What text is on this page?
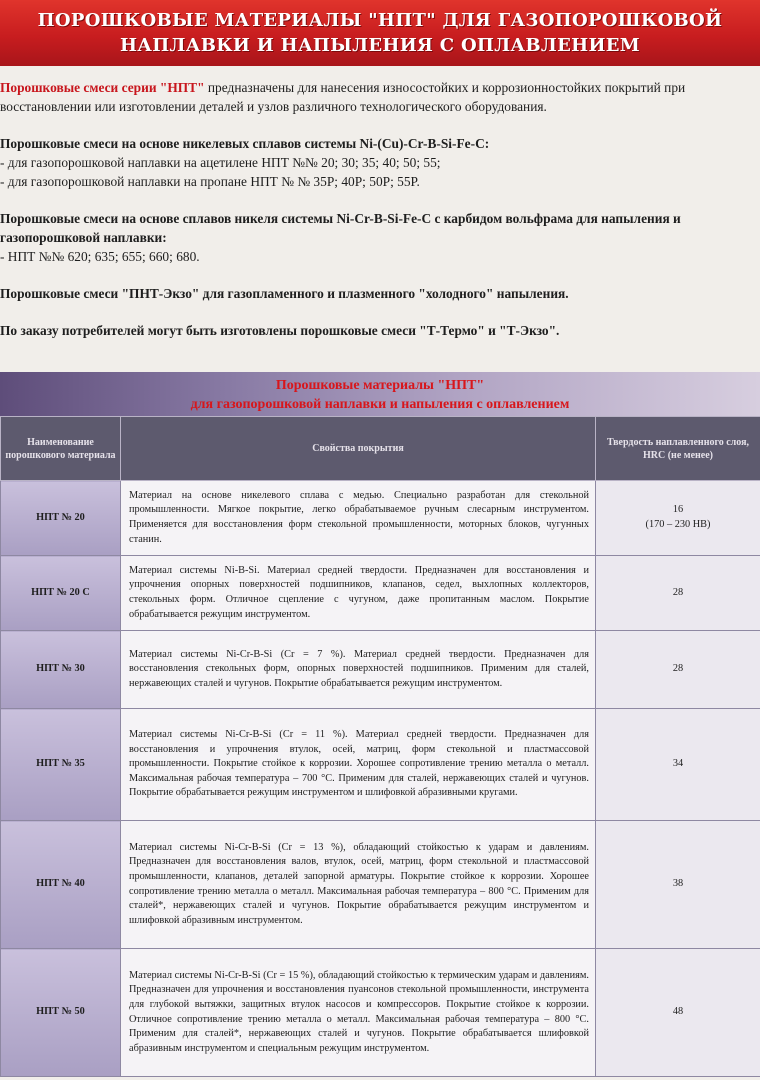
ПОРОШКОВЫЕ МАТЕРИАЛЫ "НПТ" ДЛЯ ГАЗОПОРОШКОВОЙ
НАПЛАВКИ И НАПЫЛЕНИЯ С ОПЛАВЛЕНИЕМ

Порошковые смеси серии "НПТ" предназначены для нанесения износостойких и коррозионностойких покрытий при восстановлении или изготовлении деталей и узлов различного технологического оборудования.

Порошковые смеси на основе никелевых сплавов системы Ni-(Cu)-Cr-B-Si-Fe-C:

- для газопорошковой наплавки на ацетилене НПТ №№ 20; 30; 35; 40; 50; 55;

- для газопорошковой наплавки на пропане НПТ № № 35P; 40P; 50P; 55P.

Порошковые смеси на основе сплавов никеля системы Ni-Cr-B-Si-Fe-C с карбидом вольфрама для напыления и газопорошковой наплавки:

- НПТ №№ 620; 635; 655; 660; 680.

Порошковые смеси "ПНТ-Экзо" для газопламенного и плазменного "холодного" напыления.

По заказу потребителей могут быть изготовлены порошковые смеси "Т-Термо" и "Т-Экзо".

Порошковые материалы "НПТ"
для газопорошковой наплавки и напыления с оплавлением
Наименование порошкового материала	Свойства покрытия	Твердость наплавленного слоя, HRC (не менее)
НПТ № 20	Материал на основе никелевого сплава с медью. Специально разработан для стекольной промышленности. Мягкое покрытие, легко обрабатываемое ручным слесарным инструментом. Применяется для восстановления форм стекольной промышленности, моторных блоков, чугунных станин.	16
(170 – 230 НВ)

НПТ № 20 С	Материал системы Ni-B-Si. Материал средней твердости. Предназначен для восстановления и упрочнения опорных поверхностей подшипников, клапанов, седел, выхлопных коллекторов, стекольных форм. Отличное сцепление с чугуном, даже пропитанным маслом. Покрытие обрабатывается режущим инструментом.	28

НПТ № 30	Материал системы Ni-Cr-B-Si (Cr = 7 %). Материал средней твердости. Предназначен для восстановления стекольных форм, опорных поверхностей подшипников. Применим для сталей, нержавеющих сталей и чугунов. Покрытие обрабатывается режущим инструментом.	28

НПТ № 35	Материал системы Ni-Cr-B-Si (Cr = 11 %). Материал средней твердости. Предназначен для восстановления и упрочнения втулок, осей, матриц, форм стекольной и пластмассовой промышленности. Покрытие стойкое к коррозии. Хорошее сопротивление трению металла о металл. Максимальная рабочая температура – 700 °C. Применим для сталей, нержавеющих сталей и чугунов. Покрытие обрабатывается режущим инструментом и шлифовкой абразивными кругами.	34

НПТ № 40	Материал системы Ni-Cr-B-Si (Cr = 13 %), обладающий стойкостью к ударам и давлениям. Предназначен для восстановления валов, втулок, осей, матриц, форм стекольной и пластмассовой промышленности, клапанов, деталей запорной арматуры. Покрытие стойкое к коррозии. Хорошее сопротивление трению металла о металл. Максимальная рабочая температура – 800 °C. Применим для сталей*, нержавеющих сталей и чугунов. Покрытие обрабатывается режущим инструментом и шлифовкой абразивным инструментом.	38

НПТ № 50	Материал системы Ni-Cr-B-Si (Cr = 15 %), обладающий стойкостью к термическим ударам и давлениям. Предназначен для упрочнения и восстановления пуансонов стекольной промышленности, инструмента для глубокой вытяжки, защитных втулок насосов и компрессоров. Покрытие стойкое к коррозии. Отличное сопротивление трению металла о металл. Максимальная рабочая температура – 800 °C. Применим для сталей*, нержавеющих сталей и чугунов. Покрытие обрабатывается шлифовкой абразивным инструментом и специальным режущим инструментом.	48
